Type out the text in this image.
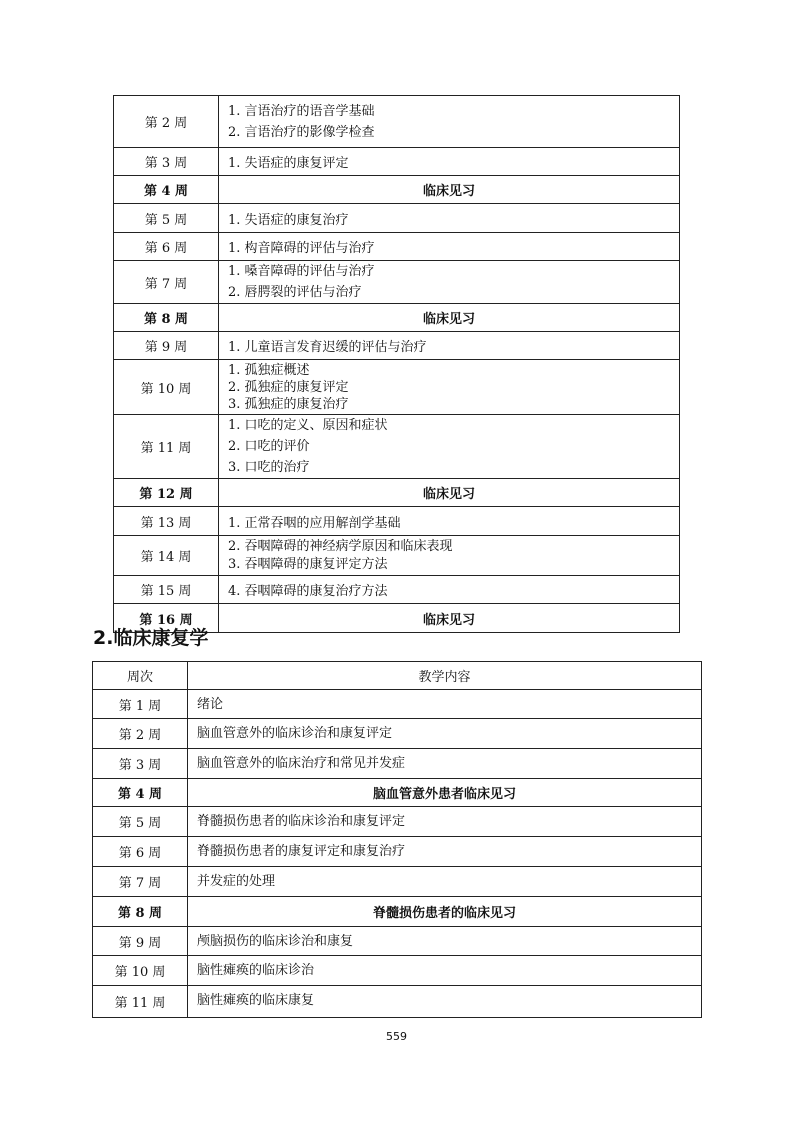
第 2 周	1. 言语治疗的语音学基础
2. 言语治疗的影像学检查

第 3 周	1. 失语症的康复评定
第 4 周	临床见习
第 5 周	1. 失语症的康复治疗
第 6 周	1. 构音障碍的评估与治疗
第 7 周	1. 嗓音障碍的评估与治疗
2. 唇腭裂的评估与治疗

第 8 周	临床见习
第 9 周	1. 儿童语言发育迟缓的评估与治疗
第 10 周	1. 孤独症概述
2. 孤独症的康复评定
3. 孤独症的康复治疗

第 11 周	1. 口吃的定义、原因和症状
2. 口吃的评价
3. 口吃的治疗

第 12 周	临床见习
第 13 周	1. 正常吞咽的应用解剖学基础
第 14 周	2. 吞咽障碍的神经病学原因和临床表现
3. 吞咽障碍的康复评定方法

第 15 周	4. 吞咽障碍的康复治疗方法
第 16 周	临床见习
2.临床康复学
周次	教学内容
第 1 周	绪论
第 2 周	脑血管意外的临床诊治和康复评定
第 3 周	脑血管意外的临床治疗和常见并发症
第 4 周	脑血管意外患者临床见习
第 5 周	脊髓损伤患者的临床诊治和康复评定
第 6 周	脊髓损伤患者的康复评定和康复治疗
第 7 周	并发症的处理
第 8 周	脊髓损伤患者的临床见习
第 9 周	颅脑损伤的临床诊治和康复
第 10 周	脑性瘫痪的临床诊治
第 11 周	脑性瘫痪的临床康复
559
